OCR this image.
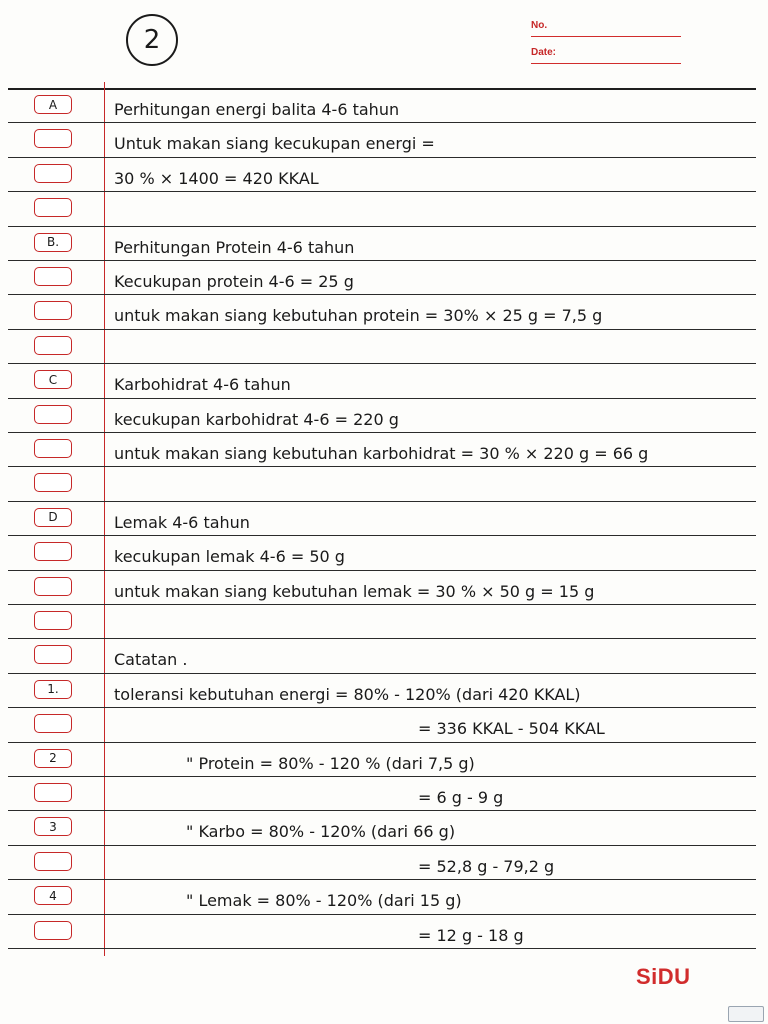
2	No.
Date:
A	Perhitungan energi balita 4-6 tahun
Untuk makan siang kecukupan energi =
30 % × 1400 = 420 KKAL
B.	Perhitungan Protein 4-6 tahun
Kecukupan protein 4-6 = 25 g
untuk makan siang kebutuhan protein = 30% × 25 g = 7,5 g
C	Karbohidrat 4-6 tahun
kecukupan karbohidrat 4-6 = 220 g
untuk makan siang kebutuhan karbohidrat = 30 % × 220 g = 66 g
D	Lemak 4-6 tahun
kecukupan lemak 4-6 = 50 g
untuk makan siang kebutuhan lemak = 30 % × 50 g = 15 g
Catatan .
1.	toleransi kebutuhan energi = 80% - 120% (dari 420 KKAL)
= 336 KKAL - 504 KKAL
2	" Protein = 80% - 120 % (dari 7,5 g)
= 6 g - 9 g
3	" Karbo = 80% - 120% (dari 66 g)
= 52,8 g - 79,2 g
4	" Lemak = 80% - 120% (dari 15 g)
= 12 g - 18 g
SiDU
